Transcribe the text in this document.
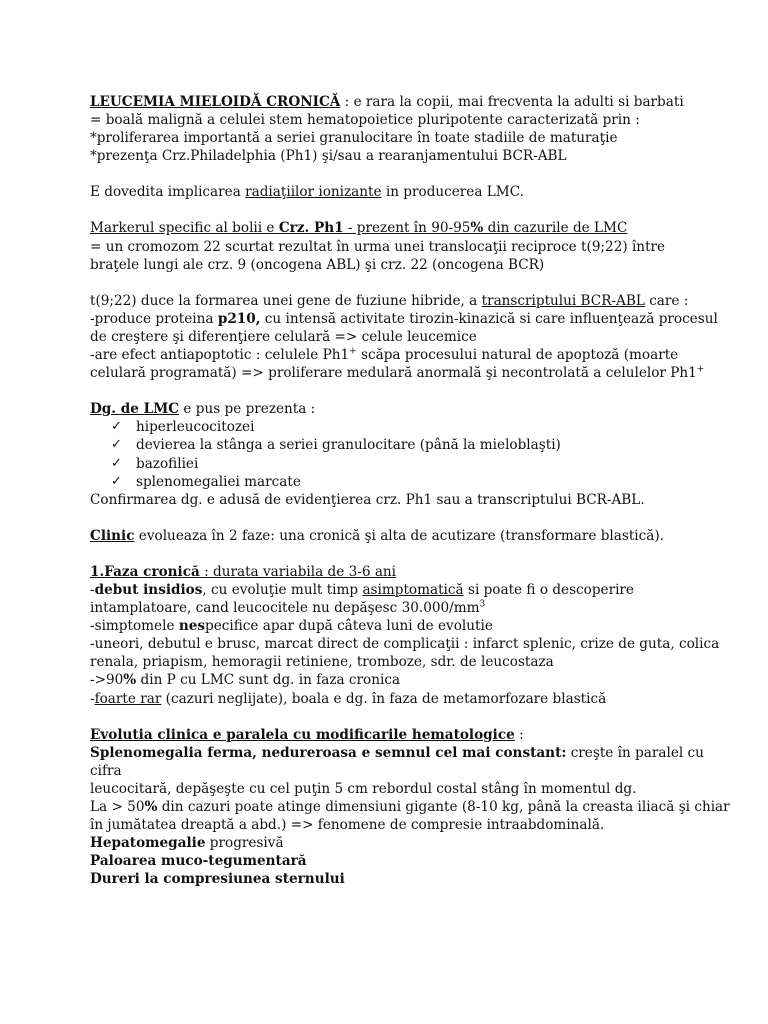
LEUCEMIA MIELOIDĂ CRONICĂ : e rara la copii, mai frecventa la adulti si barbati

= boală malignă a celulei stem hematopoietice pluripotente caracterizată prin :

*proliferarea importantă a seriei granulocitare în toate stadiile de maturaţie

*prezenţa Crz.Philadelphia (Ph1) şi/sau a rearanjamentului BCR-ABL

E dovedita implicarea radiaţiilor ionizante in producerea LMC.

Markerul specific al bolii e Crz. Ph1 - prezent în 90-95% din cazurile de LMC

= un cromozom 22 scurtat rezultat în urma unei translocaţii reciproce t(9;22) între

braţele lungi ale crz. 9 (oncogena ABL) şi crz. 22 (oncogena BCR)

t(9;22) duce la formarea unei gene de fuziune hibride, a transcriptului BCR-ABL care :

-produce proteina p210, cu intensă activitate tirozin-kinazică si care influenţează procesul

de creştere şi diferenţiere celulară => celule leucemice

-are efect antiapoptotic : celulele Ph1+ scăpa procesului natural de apoptoză (moarte

celulară programată) => proliferare medulară anormală şi necontrolată a celulelor Ph1+

Dg. de LMC e pus pe prezenta :

✓ hiperleucocitozei
✓ devierea la stânga a seriei granulocitare (până la mieloblaşti)
✓ bazofiliei
✓ splenomegaliei marcate

Confirmarea dg. e adusă de evidenţierea crz. Ph1 sau a transcriptului BCR-ABL.

Clinic evolueaza în 2 faze: una cronică şi alta de acutizare (transformare blastică).

1.Faza cronică : durata variabila de 3-6 ani

-debut insidios, cu evoluţie mult timp asimptomatică si poate fi o descoperire

intamplatoare, cand leucocitele nu depăşesc $30.000/mm^3$

-simptomele nespecifice apar după câteva luni de evolutie

-uneori, debutul e brusc, marcat direct de complicaţii : infarct splenic, crize de guta, colica

renala, priapism, hemoragii retiniene, tromboze, sdr. de leucostaza

->90% din P cu LMC sunt dg. in faza cronica

-foarte rar (cazuri neglijate), boala e dg. în faza de metamorfozare blastică

Evolutia clinica e paralela cu modificarile hematologice :

Splenomegalia ferma, nedureroasa e semnul cel mai constant: creşte în paralel cu cifra

leucocitară, depăşeşte cu cel puţin 5 cm rebordul costal stâng în momentul dg.

La > 50% din cazuri poate atinge dimensiuni gigante (8-10 kg, până la creasta iliacă şi chiar

în jumătatea dreaptă a abd.) => fenomene de compresie intraabdominală.

Hepatomegalie progresivă

Paloarea muco-tegumentară

Dureri la compresiunea sternului
